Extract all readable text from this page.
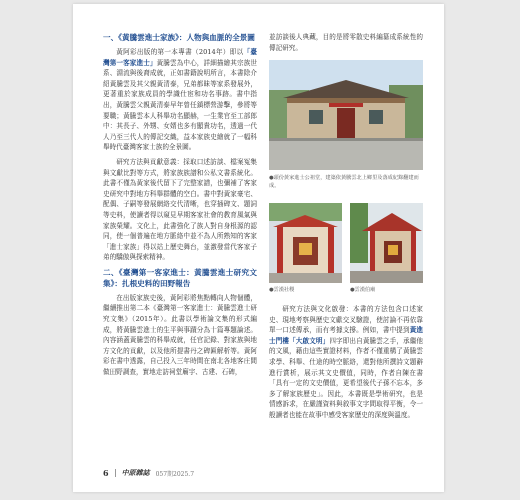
一、《黃騰雲進士家族》：人物與血脈的全景圖
黃阿彩出版的第一本專書（2014年）即以「臺灣第一客家進士」黃騰雲為中心，詳細描繪其宗族世系、淵流與後裔成就，正如書籍說明所言，本書除介紹黃騰雲及其父親黃清泰，兄弟都昧等家系發展外，更著重於家族成員的學識仕宦和功名事跡。書中指出，黃騰雲父親黃清泰早年曾任鎮標營游擊，參將等要職；黃騰雲本人科舉功名顯赫，一生業官至工部郎中：其長子、外甥、女婿也多有顯貴功名，透過一代人乃至三代人的傳記交織，益本家族史繪就了一幅科舉時代臺灣客家士族的全景圖。
研究方法與貢獻意義：採取口述訪談、檔案冤集與文獻比對等方式，將家族族譜和公私文書系統化。此書不僅為黃家後代留下了完整家譜，也彌補了客家史研究中對地方科舉群體的空白。書中對黃家豪宅、配偶、子嗣等發展網絡交代清晰，也穿插碑文、題詞等史料，使讀者得以窺見早期客家社會的教育風氣與家族榮耀。文化上，此書強化了族人對自身根源的認同，使一個普遍在地方脈絡中並不為人所熟知的客家「進士家族」得以站上歷史舞台，並激發當代客家子弟的驕傲與探索精神。
二、《臺灣第一客家進士：黃騰雲進士研究文集》：扎根史料的田野報告
在出版家族史後，黃阿彩將焦點轉向人物個體，繼續推出第二本《臺灣第一客家進士：黃騰雲進士研究文集》（2015年）。此書以學術論文集的形式編成，將黃騰雲進士的生平與事蹟分為十篇專題論述。內容涵蓋黃騰雲的科舉成就，任官記錄、對家族與地方文化的貢獻，以及他所提書丹之碑匾解析等。黃阿彩在書中透露，自己投入三年時間在南北各地客庄間做田野調查，實地走訪祠堂廟宇、古建、石碑，
並訪談後人典藏，目的是將零散史料編纂成系統性的傳記研究。
●頭份黃家進士公祖堂，建築依黃騰雲北上鄉里及落成紀錄翻建而成。
●雲漢社稷	●雲漢伯廟
研究方法與文化啟發：本書的方法包含口述家史、現地考察與歷史文獻交叉驗證，使討論不再依靠單一口述傳承，而有考據支撐。例如，書中提到黃進士門樓「大啟文明」四字即出自黃騰雲之手，承繼他的文風，藉由這些實證材料，作者不僅重構了黃騰雲求學、科舉、仕途的時空脈絡，還對他所撰詩文題辭進行賞析，展示其文史價值，同時，作者自陳在書「具有一定的文史價值，更希望後代子孫不忘本，多多了解家族歷史」。因此，本書既是學術研究，也是情感訴求，在嚴謹資料與敘事文字間取得平衡，令一般讀者也能在故事中感受客家歷史的深度與溫度。
6 中原雜誌 057期2025.7
